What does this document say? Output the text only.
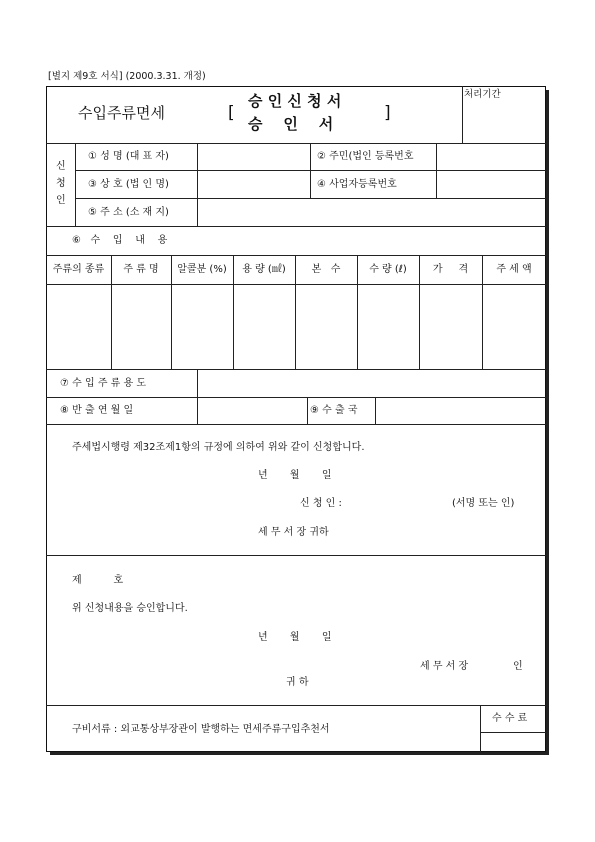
[별지 제9호 서식] (2000.3.31. 개정)
수입주류면세	[
승 인 신 청 서
승    인    서
]
처리기간
신
청
인
① 성 명 (대 표 자)	② 주민(법인 등록번호
③ 상 호 (법 인 명)	④ 사업자등록번호
⑤ 주 소 (소 재 지)
⑥   수    입    내    용
주류의 종류	주 류 명	알콜분 (%)	용 량 (㎖)	본   수	수 량 (ℓ)	가     격	주 세 액
⑦ 수 입 주 류 용 도
⑧ 반 출 연 월 일	⑨ 수 출 국
주세법시행령 제32조제1항의 규정에 의하여 위와 같이 신청합니다.
년       월       일
신 청 인 :	(서명 또는 인)
세 무 서 장 귀하
제          호
위 신청내용을 승인합니다.
년       월       일
세 무 서 장	인
귀 하
구비서류 : 외교통상부장관이 발행하는 면세주류구입추천서
수 수 료
